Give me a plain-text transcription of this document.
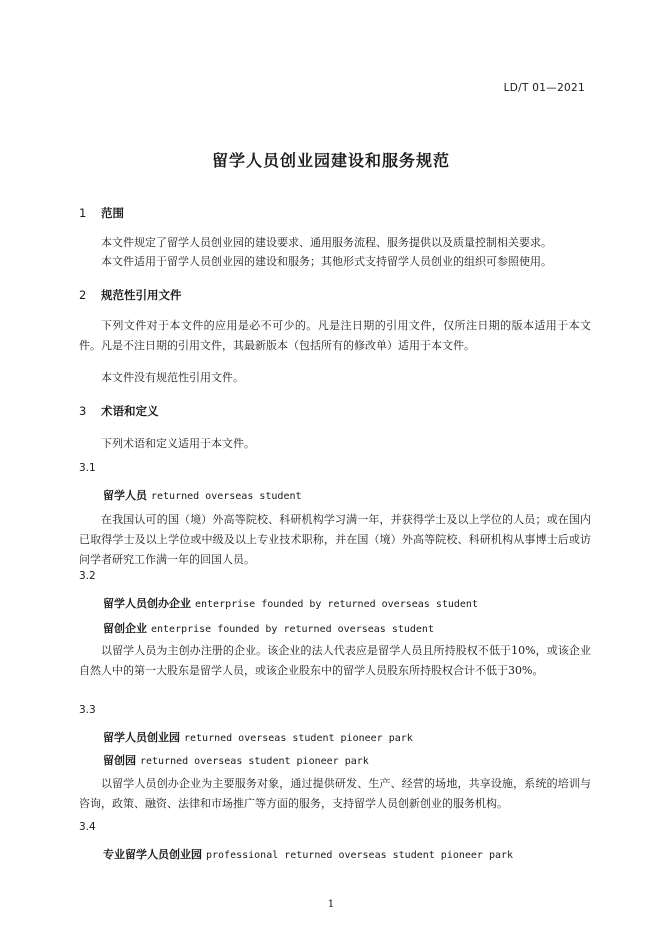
LD/T 01—2021
留学人员创业园建设和服务规范
1 范围
本文件规定了留学人员创业园的建设要求、通用服务流程、服务提供以及质量控制相关要求。
本文件适用于留学人员创业园的建设和服务；其他形式支持留学人员创业的组织可参照使用。
2 规范性引用文件
下列文件对于本文件的应用是必不可少的。凡是注日期的引用文件，仅所注日期的版本适用于本文件。凡是不注日期的引用文件，其最新版本（包括所有的修改单）适用于本文件。
本文件没有规范性引用文件。
3 术语和定义
下列术语和定义适用于本文件。
3.1
留学人员 returned overseas student
在我国认可的国（境）外高等院校、科研机构学习满一年，并获得学士及以上学位的人员；或在国内已取得学士及以上学位或中级及以上专业技术职称，并在国（境）外高等院校、科研机构从事博士后或访问学者研究工作满一年的回国人员。
3.2
留学人员创办企业 enterprise founded by returned overseas student
留创企业 enterprise founded by returned overseas student
以留学人员为主创办注册的企业。该企业的法人代表应是留学人员且所持股权不低于10%，或该企业自然人中的第一大股东是留学人员，或该企业股东中的留学人员股东所持股权合计不低于30%。
3.3
留学人员创业园 returned overseas student pioneer park
留创园 returned overseas student pioneer park
以留学人员创办企业为主要服务对象，通过提供研发、生产、经营的场地，共享设施，系统的培训与咨询，政策、融资、法律和市场推广等方面的服务，支持留学人员创新创业的服务机构。
3.4
专业留学人员创业园 professional returned overseas student pioneer park
1
